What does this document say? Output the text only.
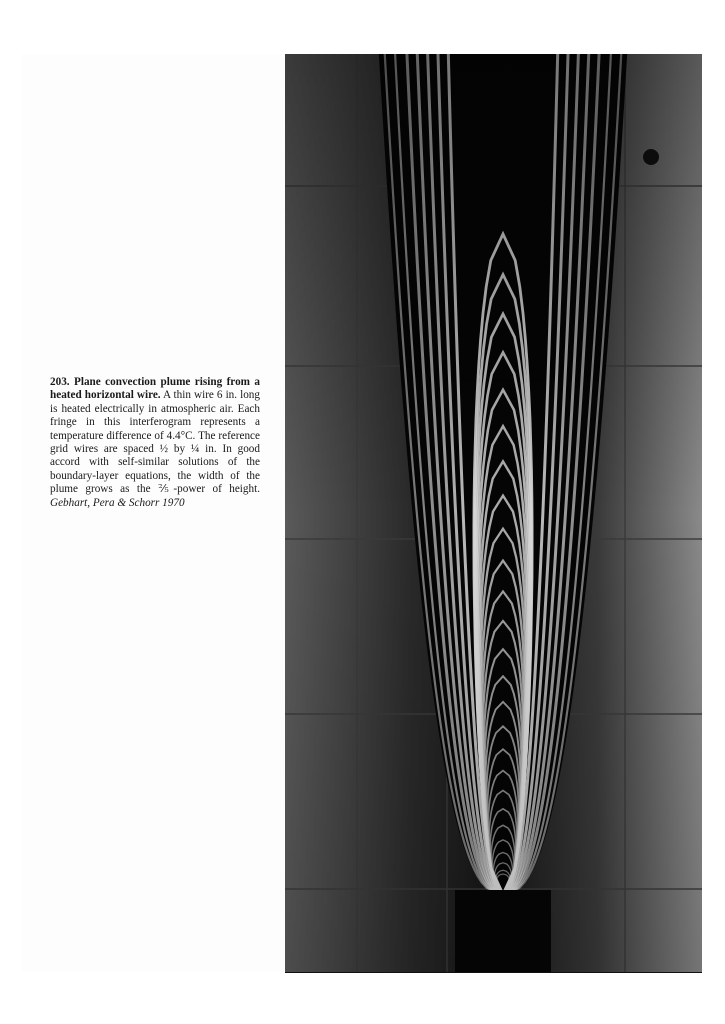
203. Plane convection plume rising from a heated horizontal wire. A thin wire 6 in. long is heated electrically in atmospheric air. Each fringe in this interferogram represents a temperature difference of 4.4°C. The reference grid wires are spaced ½ by ¼ in. In good accord with self-similar solutions of the boundary-layer equations, the width of the plume grows as the ⅖-power of height. Gebhart, Pera & Schorr 1970
